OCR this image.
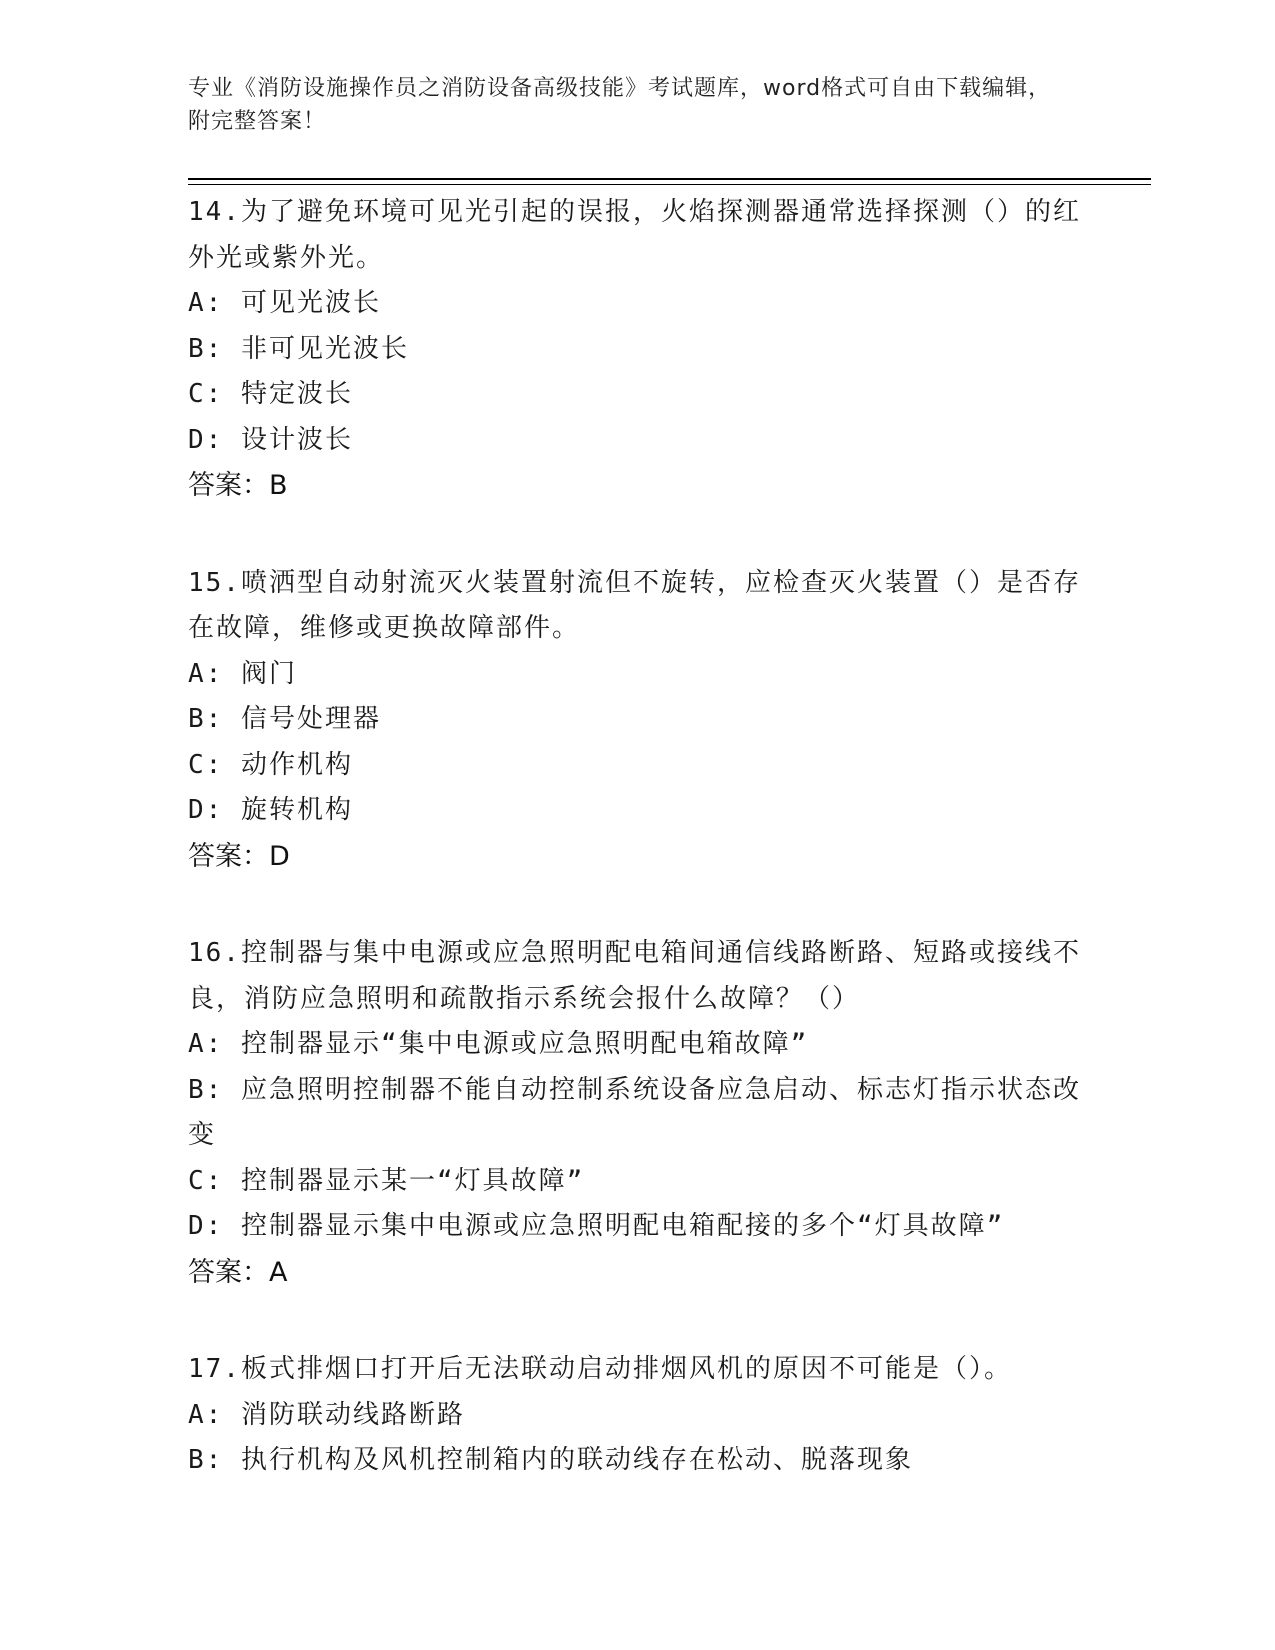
专业《消防设施操作员之消防设备高级技能》考试题库，word格式可自由下载编辑，附完整答案！
14.为了避免环境可见光引起的误报，火焰探测器通常选择探测（）的红外光或紫外光。
A: 可见光波长
B: 非可见光波长
C: 特定波长
D: 设计波长
答案：B
15.喷洒型自动射流灭火装置射流但不旋转，应检查灭火装置（）是否存在故障，维修或更换故障部件。
A: 阀门
B: 信号处理器
C: 动作机构
D: 旋转机构
答案：D
16.控制器与集中电源或应急照明配电箱间通信线路断路、短路或接线不良，消防应急照明和疏散指示系统会报什么故障？（）
A: 控制器显示“集中电源或应急照明配电箱故障”
B: 应急照明控制器不能自动控制系统设备应急启动、标志灯指示状态改变
C: 控制器显示某一“灯具故障”
D: 控制器显示集中电源或应急照明配电箱配接的多个“灯具故障”
答案：A
17.板式排烟口打开后无法联动启动排烟风机的原因不可能是（）。
A: 消防联动线路断路
B: 执行机构及风机控制箱内的联动线存在松动、脱落现象
